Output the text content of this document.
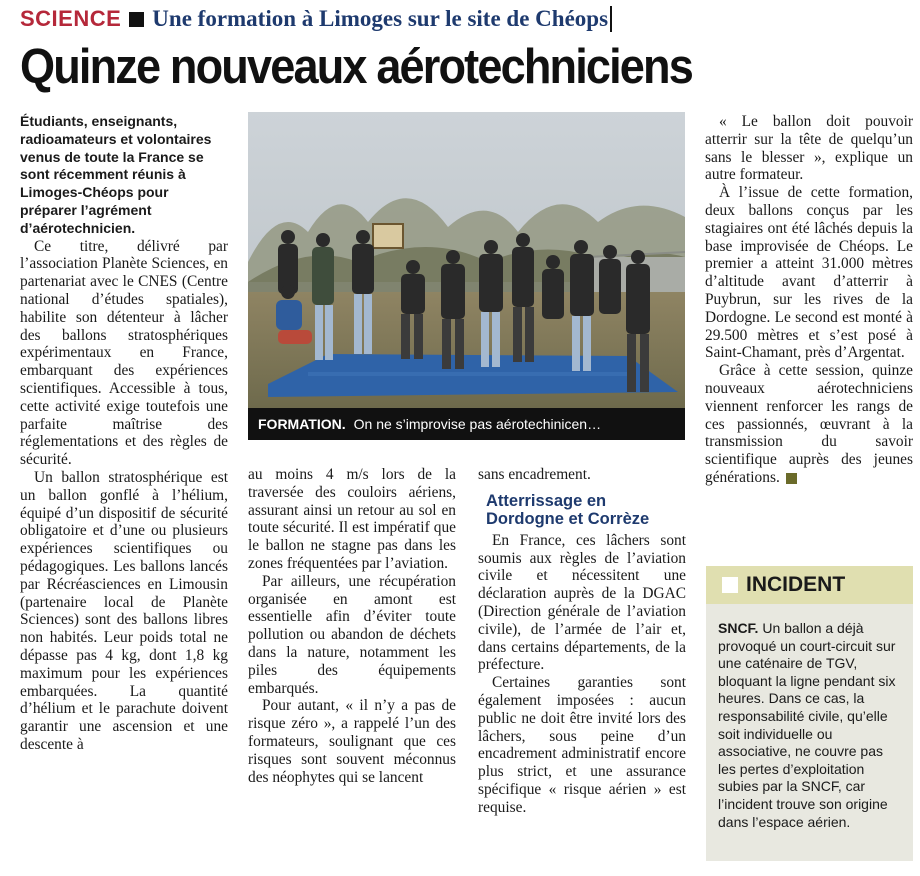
SCIENCE Une formation à Limoges sur le site de Chéops
Quinze nouveaux aérotechniciens

Étudiants, enseignants, radioamateurs et volontaires venus de toute la France se sont récemment réunis à Limoges-Chéops pour préparer l’agrément d’aérotechnicien.

Ce titre, délivré par l’association Planète Sciences, en partenariat avec le CNES (Centre national d’études spatiales), habilite son détenteur à lâcher des ballons stratosphériques expérimentaux en France, embarquant des expériences scientifiques. Accessible à tous, cette activité exige toutefois une parfaite maîtrise des réglementations et des règles de sécurité.

Un ballon stratosphérique est un ballon gonflé à l’hélium, équipé d’un dispositif de sécurité obligatoire et d’une ou plusieurs expériences scientifiques ou pédagogiques. Les ballons lancés par Récréasciences en Limousin (partenaire local de Planète Sciences) sont des ballons libres non habités. Leur poids total ne dépasse pas 4 kg, dont 1,8 kg maximum pour les expériences embarquées. La quantité d’hélium et le parachute doivent garantir une ascension et une descente à

FORMATION. On ne s’improvise pas aérotechinicen…

au moins 4 m/s lors de la traversée des couloirs aériens, assurant ainsi un retour au sol en toute sécurité. Il est impératif que le ballon ne stagne pas dans les zones fréquentées par l’aviation.

Par ailleurs, une récupération organisée en amont est essentielle afin d’éviter toute pollution ou abandon de déchets dans la nature, notamment les piles des équipements embarqués.

Pour autant, « il n’y a pas de risque zéro », a rappelé l’un des formateurs, soulignant que ces risques sont souvent méconnus des néophytes qui se lancent

sans encadrement.

Atterrissage en Dordogne et Corrèze

En France, ces lâchers sont soumis aux règles de l’aviation civile et nécessitent une déclaration auprès de la DGAC (Direction générale de l’aviation civile), de l’armée de l’air et, dans certains départements, de la préfecture.

Certaines garanties sont également imposées : aucun public ne doit être invité lors des lâchers, sous peine d’un encadrement administratif encore plus strict, et une assurance spécifique « risque aérien » est requise.

« Le ballon doit pouvoir atterrir sur la tête de quelqu’un sans le blesser », explique un autre formateur.

À l’issue de cette formation, deux ballons conçus par les stagiaires ont été lâchés depuis la base improvisée de Chéops. Le premier a atteint 31.000 mètres d’altitude avant d’atterrir à Puybrun, sur les rives de la Dordogne. Le second est monté à 29.500 mètres et s’est posé à Saint-Chamant, près d’Argentat.

Grâce à cette session, quinze nouveaux aérotechniciens viennent renforcer les rangs de ces passionnés, œuvrant à la transmission du savoir scientifique auprès des jeunes générations.

INCIDENT
SNCF. Un ballon a déjà provoqué un court-circuit sur une caténaire de TGV, bloquant la ligne pendant six heures. Dans ce cas, la responsabilité civile, qu’elle soit individuelle ou associative, ne couvre pas les pertes d’exploitation subies par la SNCF, car l’incident trouve son origine dans l’espace aérien.
